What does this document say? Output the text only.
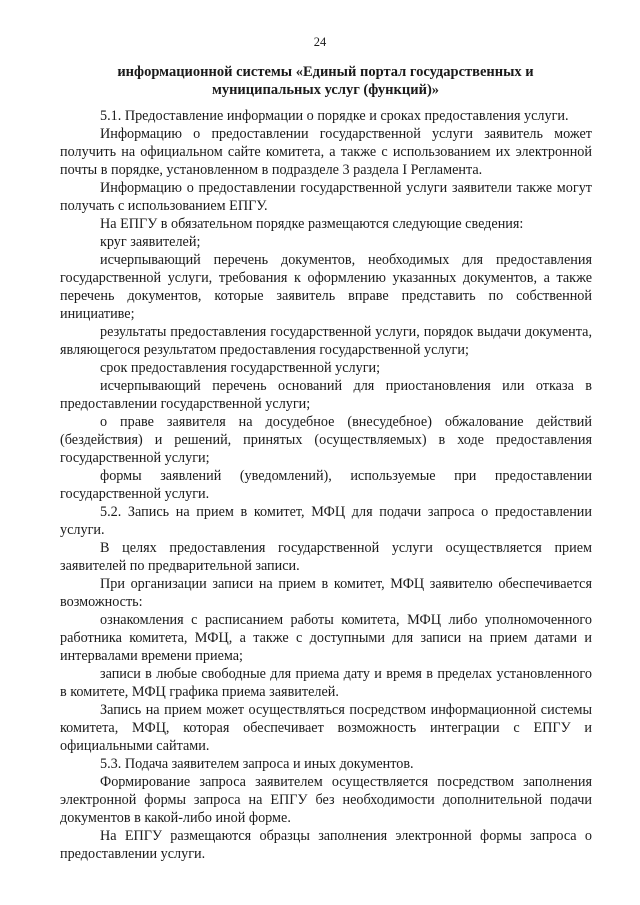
24
информационной системы «Единый портал государственных и
муниципальных услуг (функций)»

5.1. Предоставление информации о порядке и сроках предоставления услуги.

Информацию о предоставлении государственной услуги заявитель может получить на официальном сайте комитета, а также с использованием их электронной почты в порядке, установленном в подразделе 3 раздела I Регламента.

Информацию о предоставлении государственной услуги заявители также могут получать с использованием ЕПГУ.

На ЕПГУ в обязательном порядке размещаются следующие сведения:

круг заявителей;

исчерпывающий перечень документов, необходимых для предоставления государственной услуги, требования к оформлению указанных документов, а также перечень документов, которые заявитель вправе представить по собственной инициативе;

результаты предоставления государственной услуги, порядок выдачи документа, являющегося результатом предоставления государственной услуги;

срок предоставления государственной услуги;

исчерпывающий перечень оснований для приостановления или отказа в предоставлении государственной услуги;

о праве заявителя на досудебное (внесудебное) обжалование действий (бездействия) и решений, принятых (осуществляемых) в ходе предоставления государственной услуги;

формы заявлений (уведомлений), используемые при предоставлении государственной услуги.

5.2. Запись на прием в комитет, МФЦ для подачи запроса о предоставлении услуги.

В целях предоставления государственной услуги осуществляется прием заявителей по предварительной записи.

При организации записи на прием в комитет, МФЦ заявителю обеспечивается возможность:

ознакомления с расписанием работы комитета, МФЦ либо уполномоченного работника комитета, МФЦ, а также с доступными для записи на прием датами и интервалами времени приема;

записи в любые свободные для приема дату и время в пределах установленного в комитете, МФЦ графика приема заявителей.

Запись на прием может осуществляться посредством информационной системы комитета, МФЦ, которая обеспечивает возможность интеграции с ЕПГУ и официальными сайтами.

5.3. Подача заявителем запроса и иных документов.

Формирование запроса заявителем осуществляется посредством заполнения электронной формы запроса на ЕПГУ без необходимости дополнительной подачи документов в какой-либо иной форме.

На ЕПГУ размещаются образцы заполнения электронной формы запроса о предоставлении услуги.
